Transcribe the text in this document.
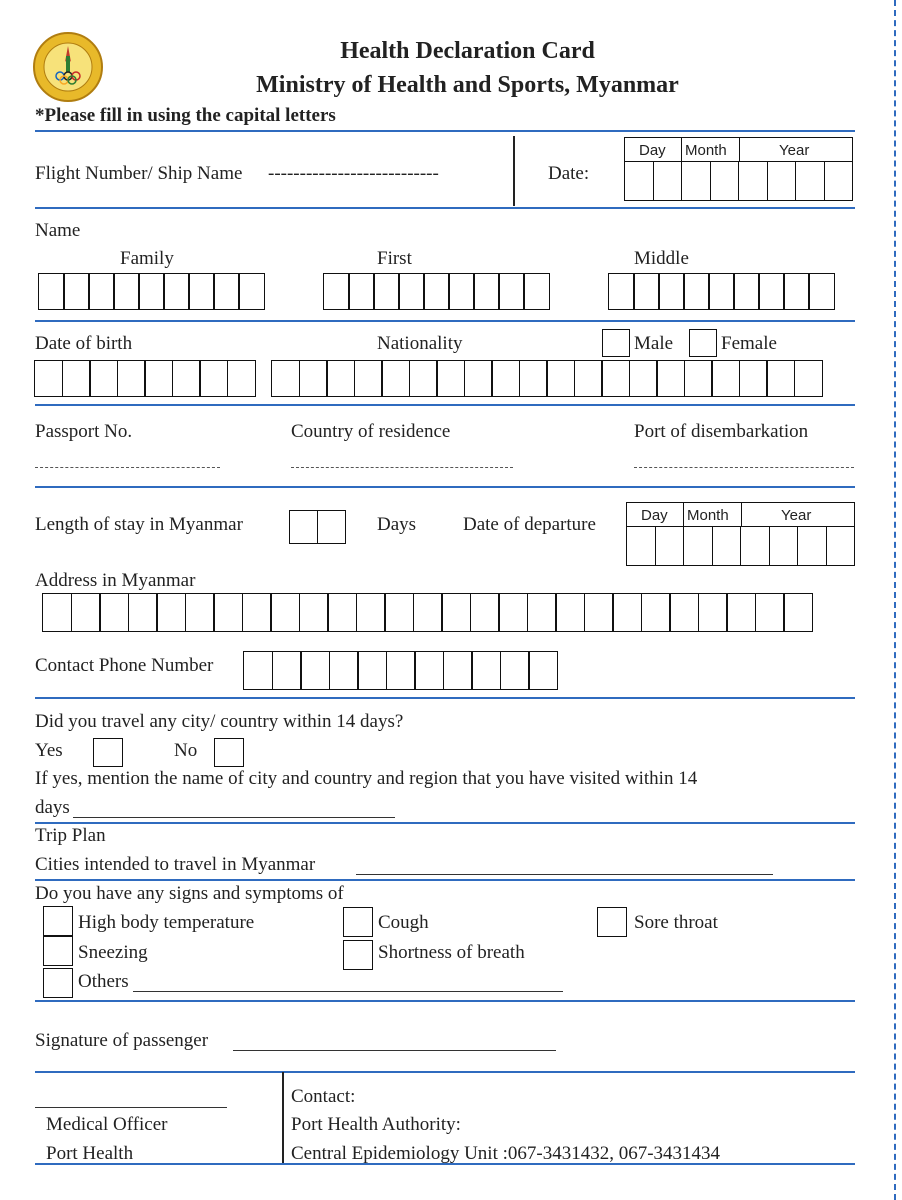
Health Declaration Card
Ministry of Health and Sports, Myanmar
*Please fill in using the capital letters
Flight Number/ Ship Name ---------------------------	Date:
Day Month	Year
Name
Family	First	Middle
Date of birth	Nationality	Male	Female
Passport No.	Country of residence	Port of disembarkation
Length of stay in Myanmar	Days Date of departure	Day Month	Year
Address in Myanmar
Contact Phone Number
Did you travel any city/ country within 14 days?
Yes	No
If yes, mention the name of city and country and region that you have visited within 14
days
Trip Plan
Cities intended to travel in Myanmar
Do you have any signs and symptoms of
High body temperature	Cough	Sore throat
Sneezing	Shortness of breath
Others
Signature of passenger
Medical Officer
Port Health
Contact:
Port Health Authority:
Central Epidemiology Unit :067-3431432, 067-3431434
